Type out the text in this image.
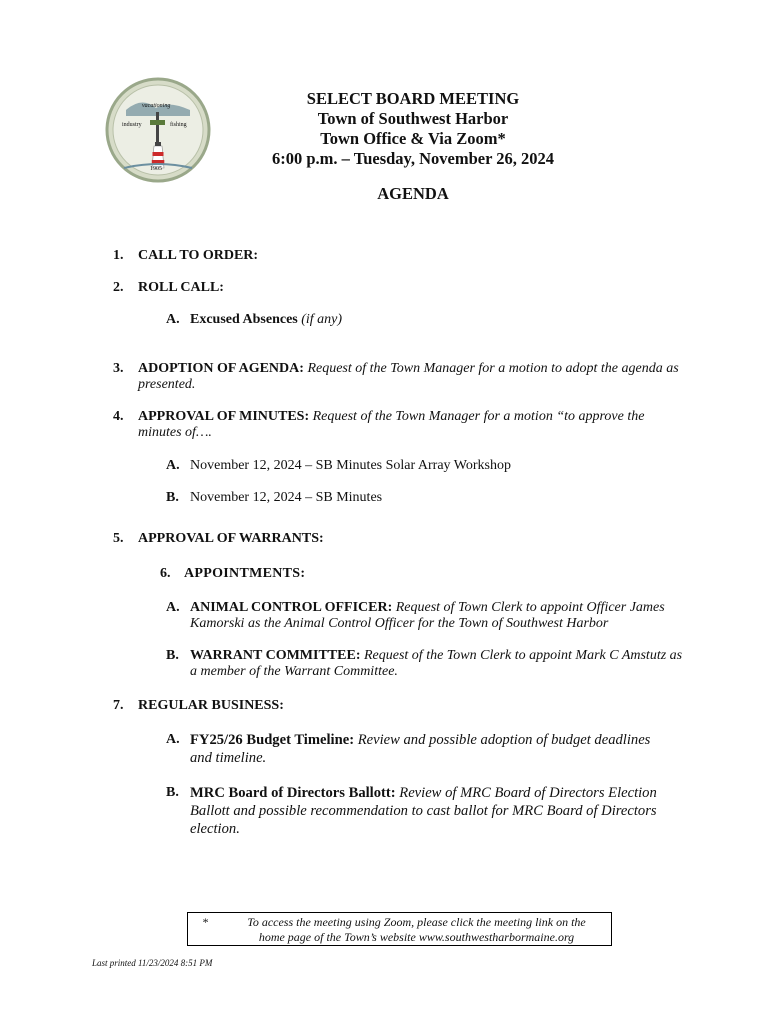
vacationing
industry	fishing
1905
SELECT BOARD MEETING
Town of Southwest Harbor
Town Office & Via Zoom*
6:00 p.m. – Tuesday, November 26, 2024
AGENDA
1. CALL TO ORDER:
2. ROLL CALL:
A. Excused Absences (if any)
3. ADOPTION OF AGENDA: Request of the Town Manager for a motion to adopt the agenda as
presented.
4. APPROVAL OF MINUTES: Request of the Town Manager for a motion “to approve the
minutes of….
A. November 12, 2024 – SB Minutes Solar Array Workshop
B. November 12, 2024 – SB Minutes
5. APPROVAL OF WARRANTS:
6. APPOINTMENTS:
A. ANIMAL CONTROL OFFICER: Request of Town Clerk to appoint Officer James
Kamorski as the Animal Control Officer for the Town of Southwest Harbor
B. WARRANT COMMITTEE: Request of the Town Clerk to appoint Mark C Amstutz as
a member of the Warrant Committee.
7. REGULAR BUSINESS:
A. FY25/26 Budget Timeline: Review and possible adoption of budget deadlines
and timeline.
B. MRC Board of Directors Ballott: Review of MRC Board of Directors Election
Ballott and possible recommendation to cast ballot for MRC Board of Directors
election.
*	To access the meeting using Zoom, please click the meeting link on the
home page of the Town’s website www.southwestharbormaine.org
Last printed 11/23/2024 8:51 PM
